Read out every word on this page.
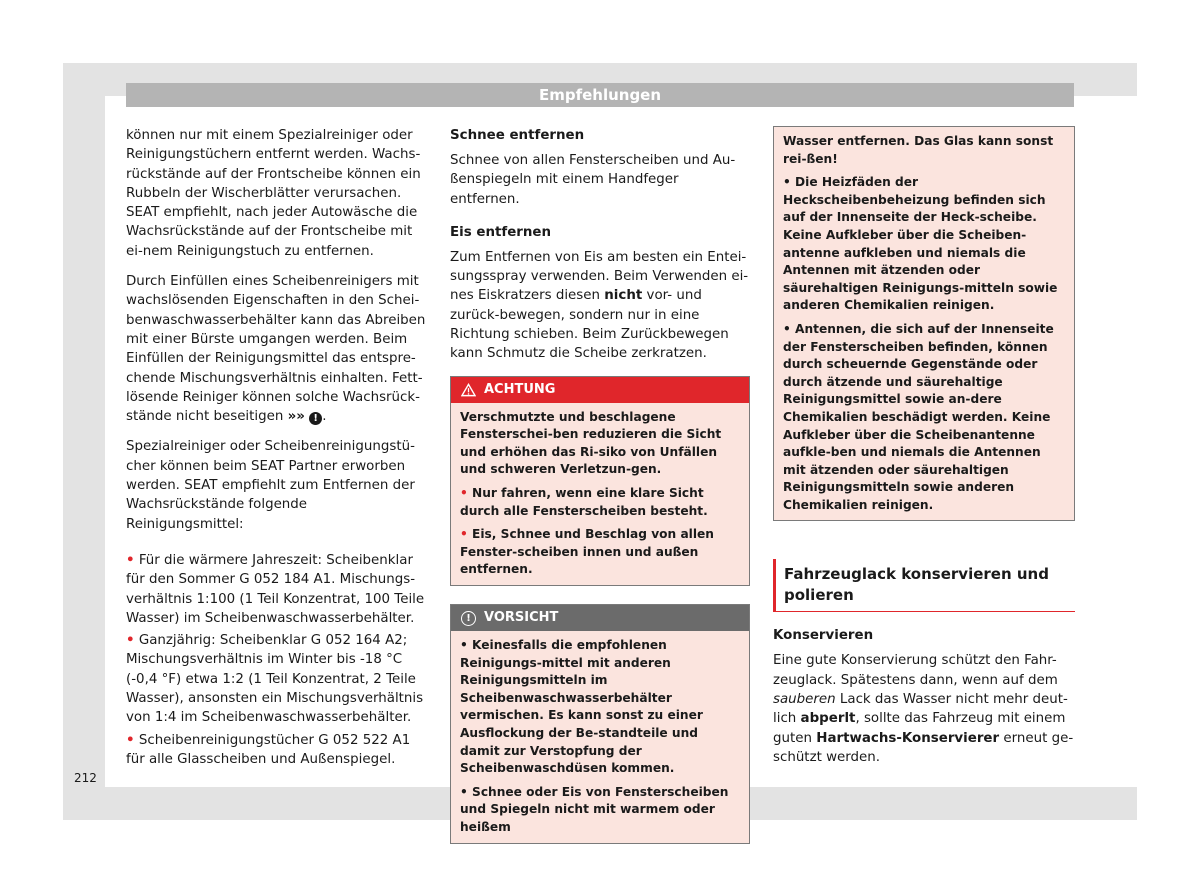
Empfehlungen

können nur mit einem Spezialreiniger oder Reinigungstüchern entfernt werden. Wachs-rückstände auf der Frontscheibe können ein Rubbeln der Wischerblätter verursachen. SEAT empfiehlt, nach jeder Autowäsche die Wachsrückstände auf der Frontscheibe mit ei-nem Reinigungstuch zu entfernen.

Durch Einfüllen eines Scheibenreinigers mit wachslösenden Eigenschaften in den Schei-benwaschwasserbehälter kann das Abreiben mit einer Bürste umgangen werden. Beim Einfüllen der Reinigungsmittel das entspre-chende Mischungsverhältnis einhalten. Fett-lösende Reiniger können solche Wachsrück-stände nicht beseitigen »» ! .

Spezialreiniger oder Scheibenreinigungstü-cher können beim SEAT Partner erworben werden. SEAT empfiehlt zum Entfernen der Wachsrückstände folgende Reinigungsmittel:

• Für die wärmere Jahreszeit: Scheibenklar für den Sommer G 052 184 A1. Mischungs-verhältnis 1:100 (1 Teil Konzentrat, 100 Teile Wasser) im Scheibenwaschwasserbehälter.

• Ganzjährig: Scheibenklar G 052 164 A2; Mischungsverhältnis im Winter bis -18 °C (-0,4 °F) etwa 1:2 (1 Teil Konzentrat, 2 Teile Wasser), ansonsten ein Mischungsverhältnis von 1:4 im Scheibenwaschwasserbehälter.

• Scheibenreinigungstücher G 052 522 A1 für alle Glasscheiben und Außenspiegel.

Schnee entfernen

Schnee von allen Fensterscheiben und Au-ßenspiegeln mit einem Handfeger entfernen.

Eis entfernen

Zum Entfernen von Eis am besten ein Entei-sungsspray verwenden. Beim Verwenden ei-nes Eiskratzers diesen nicht vor- und zurück-bewegen, sondern nur in eine Richtung schieben. Beim Zurückbewegen kann Schmutz die Scheibe zerkratzen.

ACHTUNG

Verschmutzte und beschlagene Fensterschei-ben reduzieren die Sicht und erhöhen das Ri-siko von Unfällen und schweren Verletzun-gen.

• Nur fahren, wenn eine klare Sicht durch alle Fensterscheiben besteht.

• Eis, Schnee und Beschlag von allen Fenster-scheiben innen und außen entfernen.

!	VORSICHT

• Keinesfalls die empfohlenen Reinigungs-mittel mit anderen Reinigungsmitteln im Scheibenwaschwasserbehälter vermischen. Es kann sonst zu einer Ausflockung der Be-standteile und damit zur Verstopfung der Scheibenwaschdüsen kommen.

• Schnee oder Eis von Fensterscheiben und Spiegeln nicht mit warmem oder heißem

Wasser entfernen. Das Glas kann sonst rei-ßen!

• Die Heizfäden der Heckscheibenbeheizung befinden sich auf der Innenseite der Heck-scheibe. Keine Aufkleber über die Scheiben-antenne aufkleben und niemals die Antennen mit ätzenden oder säurehaltigen Reinigungs-mitteln sowie anderen Chemikalien reinigen.

• Antennen, die sich auf der Innenseite der Fensterscheiben befinden, können durch scheuernde Gegenstände oder durch ätzende und säurehaltige Reinigungsmittel sowie an-dere Chemikalien beschädigt werden. Keine Aufkleber über die Scheibenantenne aufkle-ben und niemals die Antennen mit ätzenden oder säurehaltigen Reinigungsmitteln sowie anderen Chemikalien reinigen.

Fahrzeuglack konservieren und polieren
Konservieren

Eine gute Konservierung schützt den Fahr-zeuglack. Spätestens dann, wenn auf dem sauberen Lack das Wasser nicht mehr deut-lich abperlt, sollte das Fahrzeug mit einem guten Hartwachs-Konservierer erneut ge-schützt werden.

212
